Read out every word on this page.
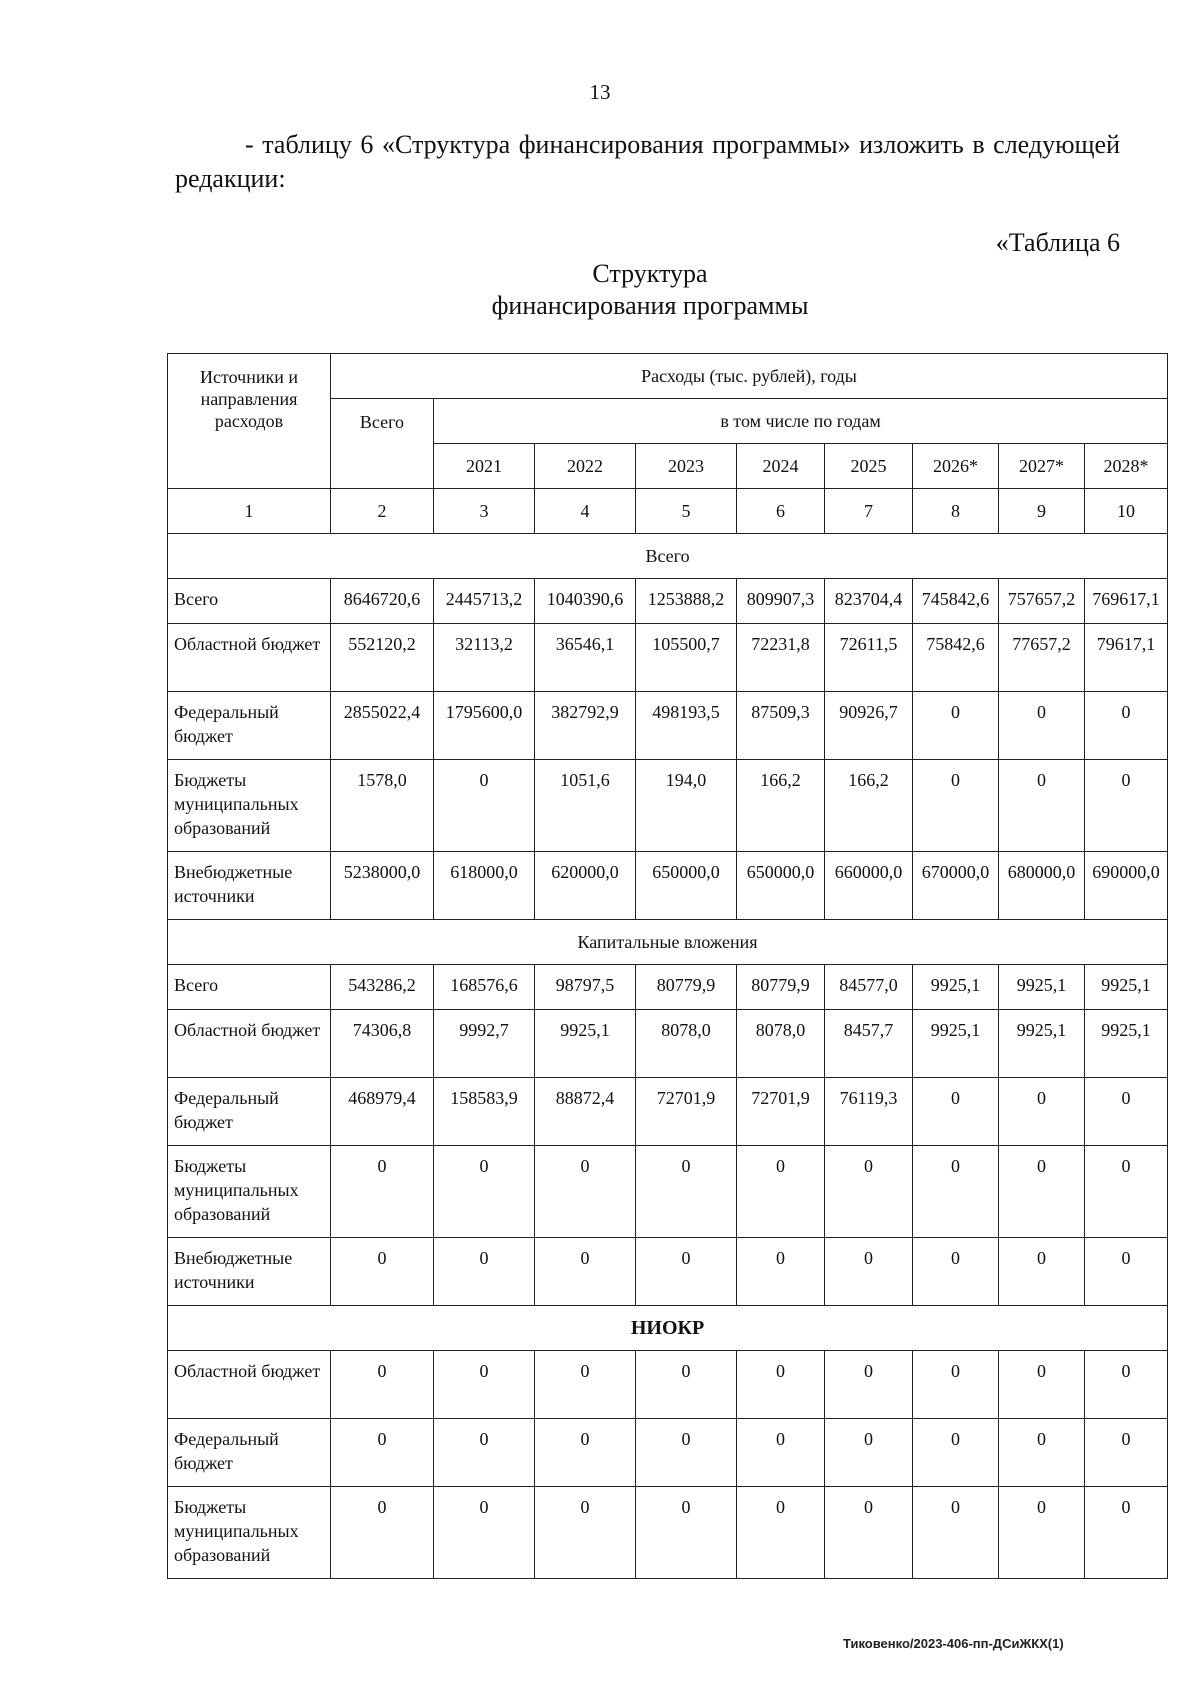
13
- таблицу 6 «Структура финансирования программы» изложить в следующей редакции:
«Таблица 6
Структура
финансирования программы
Источники и направления расходов	Расходы (тыс. рублей), годы								
	Всего	в том числе по годам							
		2021	2022	2023	2024	2025	2026*	2027*	2028*
1	2	3	4	5	6	7	8	9	10
Всего									
Всего	8646720,6	2445713,2	1040390,6	1253888,2	809907,3	823704,4	745842,6	757657,2	769617,1
Областной бюджет	552120,2	32113,2	36546,1	105500,7	72231,8	72611,5	75842,6	77657,2	79617,1
Федеральный бюджет	2855022,4	1795600,0	382792,9	498193,5	87509,3	90926,7	0	0	0
Бюджеты муниципальных образований	1578,0	0	1051,6	194,0	166,2	166,2	0	0	0
Внебюджетные источники	5238000,0	618000,0	620000,0	650000,0	650000,0	660000,0	670000,0	680000,0	690000,0
Капитальные вложения									
Всего	543286,2	168576,6	98797,5	80779,9	80779,9	84577,0	9925,1	9925,1	9925,1
Областной бюджет	74306,8	9992,7	9925,1	8078,0	8078,0	8457,7	9925,1	9925,1	9925,1
Федеральный бюджет	468979,4	158583,9	88872,4	72701,9	72701,9	76119,3	0	0	0
Бюджеты муниципальных образований	0	0	0	0	0	0	0	0	0
Внебюджетные источники	0	0	0	0	0	0	0	0	0
НИОКР									
Областной бюджет	0	0	0	0	0	0	0	0	0
Федеральный бюджет	0	0	0	0	0	0	0	0	0
Бюджеты муниципальных образований	0	0	0	0	0	0	0	0	0
Тиковенко/2023-406-пп-ДСиЖКХ(1)
